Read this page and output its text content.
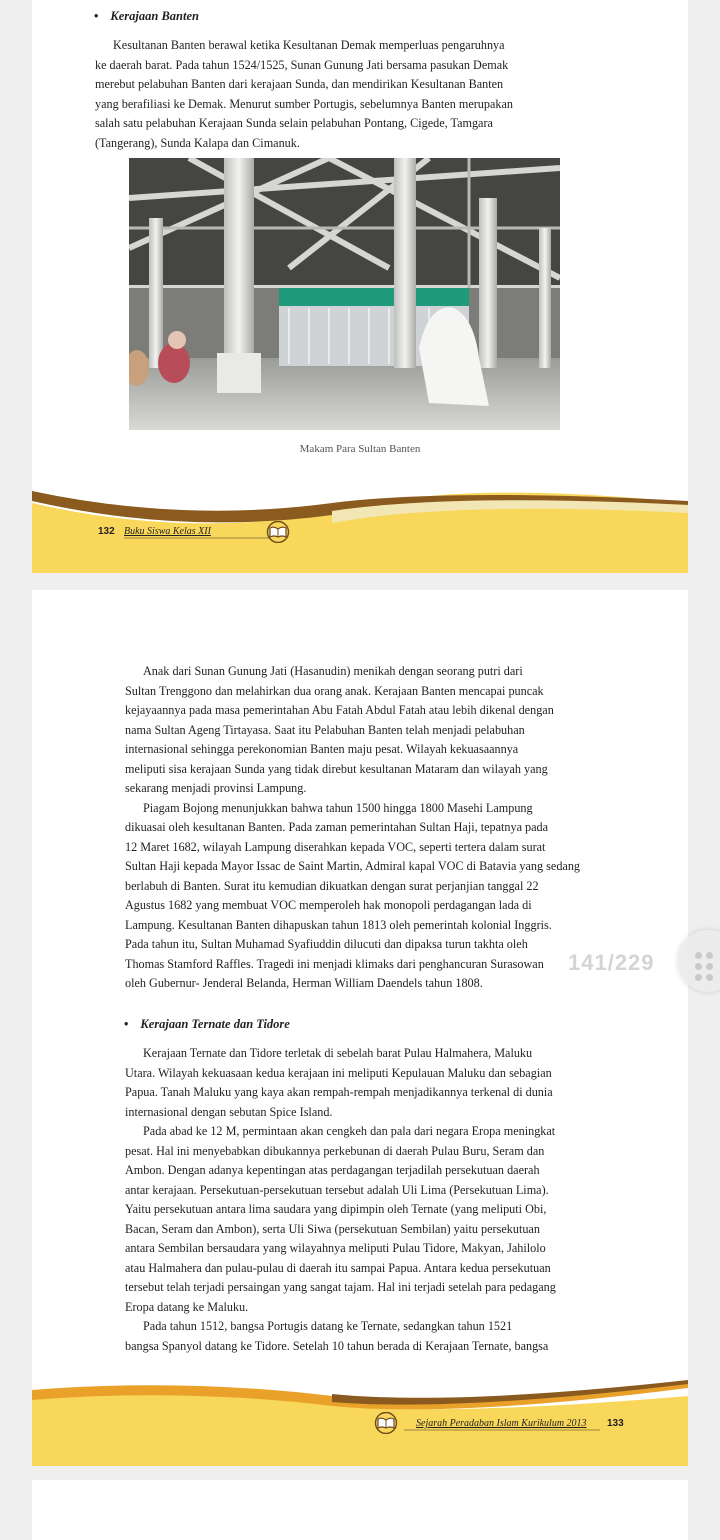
• Kerajaan Banten
Kesultanan Banten berawal ketika Kesultanan Demak memperluas pengaruhnya
ke daerah barat. Pada tahun 1524/1525, Sunan Gunung Jati bersama pasukan Demak
merebut pelabuhan Banten dari kerajaan Sunda, dan mendirikan Kesultanan Banten
yang berafiliasi ke Demak. Menurut sumber Portugis, sebelumnya Banten merupakan
salah satu pelabuhan Kerajaan Sunda selain pelabuhan Pontang, Cigede, Tamgara
(Tangerang), Sunda Kalapa dan Cimanuk.
Makam Para Sultan Banten
132 Buku Siswa Kelas XII
Anak dari Sunan Gunung Jati (Hasanudin) menikah dengan seorang putri dari
Sultan Trenggono dan melahirkan dua orang anak. Kerajaan Banten mencapai puncak
kejayaannya pada masa pemerintahan Abu Fatah Abdul Fatah atau lebih dikenal dengan
nama Sultan Ageng Tirtayasa. Saat itu Pelabuhan Banten telah menjadi pelabuhan
internasional sehingga perekonomian Banten maju pesat. Wilayah kekuasaannya
meliputi sisa kerajaan Sunda yang tidak direbut kesultanan Mataram dan wilayah yang
sekarang menjadi provinsi Lampung.
Piagam Bojong menunjukkan bahwa tahun 1500 hingga 1800 Masehi Lampung
dikuasai oleh kesultanan Banten. Pada zaman pemerintahan Sultan Haji, tepatnya pada
12 Maret 1682, wilayah Lampung diserahkan kepada VOC, seperti tertera dalam surat
Sultan Haji kepada Mayor Issac de Saint Martin, Admiral kapal VOC di Batavia yang sedang
berlabuh di Banten. Surat itu kemudian dikuatkan dengan surat perjanjian tanggal 22
Agustus 1682 yang membuat VOC memperoleh hak monopoli perdagangan lada di
Lampung. Kesultanan Banten dihapuskan tahun 1813 oleh pemerintah kolonial Inggris.
Pada tahun itu, Sultan Muhamad Syafiuddin dilucuti dan dipaksa turun takhta oleh
Thomas Stamford Raffles. Tragedi ini menjadi klimaks dari penghancuran Surasowan
oleh Gubernur- Jenderal Belanda, Herman William Daendels tahun 1808.
• Kerajaan Ternate dan Tidore
Kerajaan Ternate dan Tidore terletak di sebelah barat Pulau Halmahera, Maluku
Utara. Wilayah kekuasaan kedua kerajaan ini meliputi Kepulauan Maluku dan sebagian
Papua. Tanah Maluku yang kaya akan rempah-rempah menjadikannya terkenal di dunia
internasional dengan sebutan Spice Island.
Pada abad ke 12 M, permintaan akan cengkeh dan pala dari negara Eropa meningkat
pesat. Hal ini menyebabkan dibukannya perkebunan di daerah Pulau Buru, Seram dan
Ambon. Dengan adanya kepentingan atas perdagangan terjadilah persekutuan daerah
antar kerajaan. Persekutuan-persekutuan tersebut adalah Uli Lima (Persekutuan Lima).
Yaitu persekutuan antara lima saudara yang dipimpin oleh Ternate (yang meliputi Obi,
Bacan, Seram dan Ambon), serta Uli Siwa (persekutuan Sembilan) yaitu persekutuan
antara Sembilan bersaudara yang wilayahnya meliputi Pulau Tidore, Makyan, Jahilolo
atau Halmahera dan pulau-pulau di daerah itu sampai Papua. Antara kedua persekutuan
tersebut telah terjadi persaingan yang sangat tajam. Hal ini terjadi setelah para pedagang
Eropa datang ke Maluku.
Pada tahun 1512, bangsa Portugis datang ke Ternate, sedangkan tahun 1521
bangsa Spanyol datang ke Tidore. Setelah 10 tahun berada di Kerajaan Ternate, bangsa
Sejarah Peradaban Islam Kurikulum 2013 133
141/229
